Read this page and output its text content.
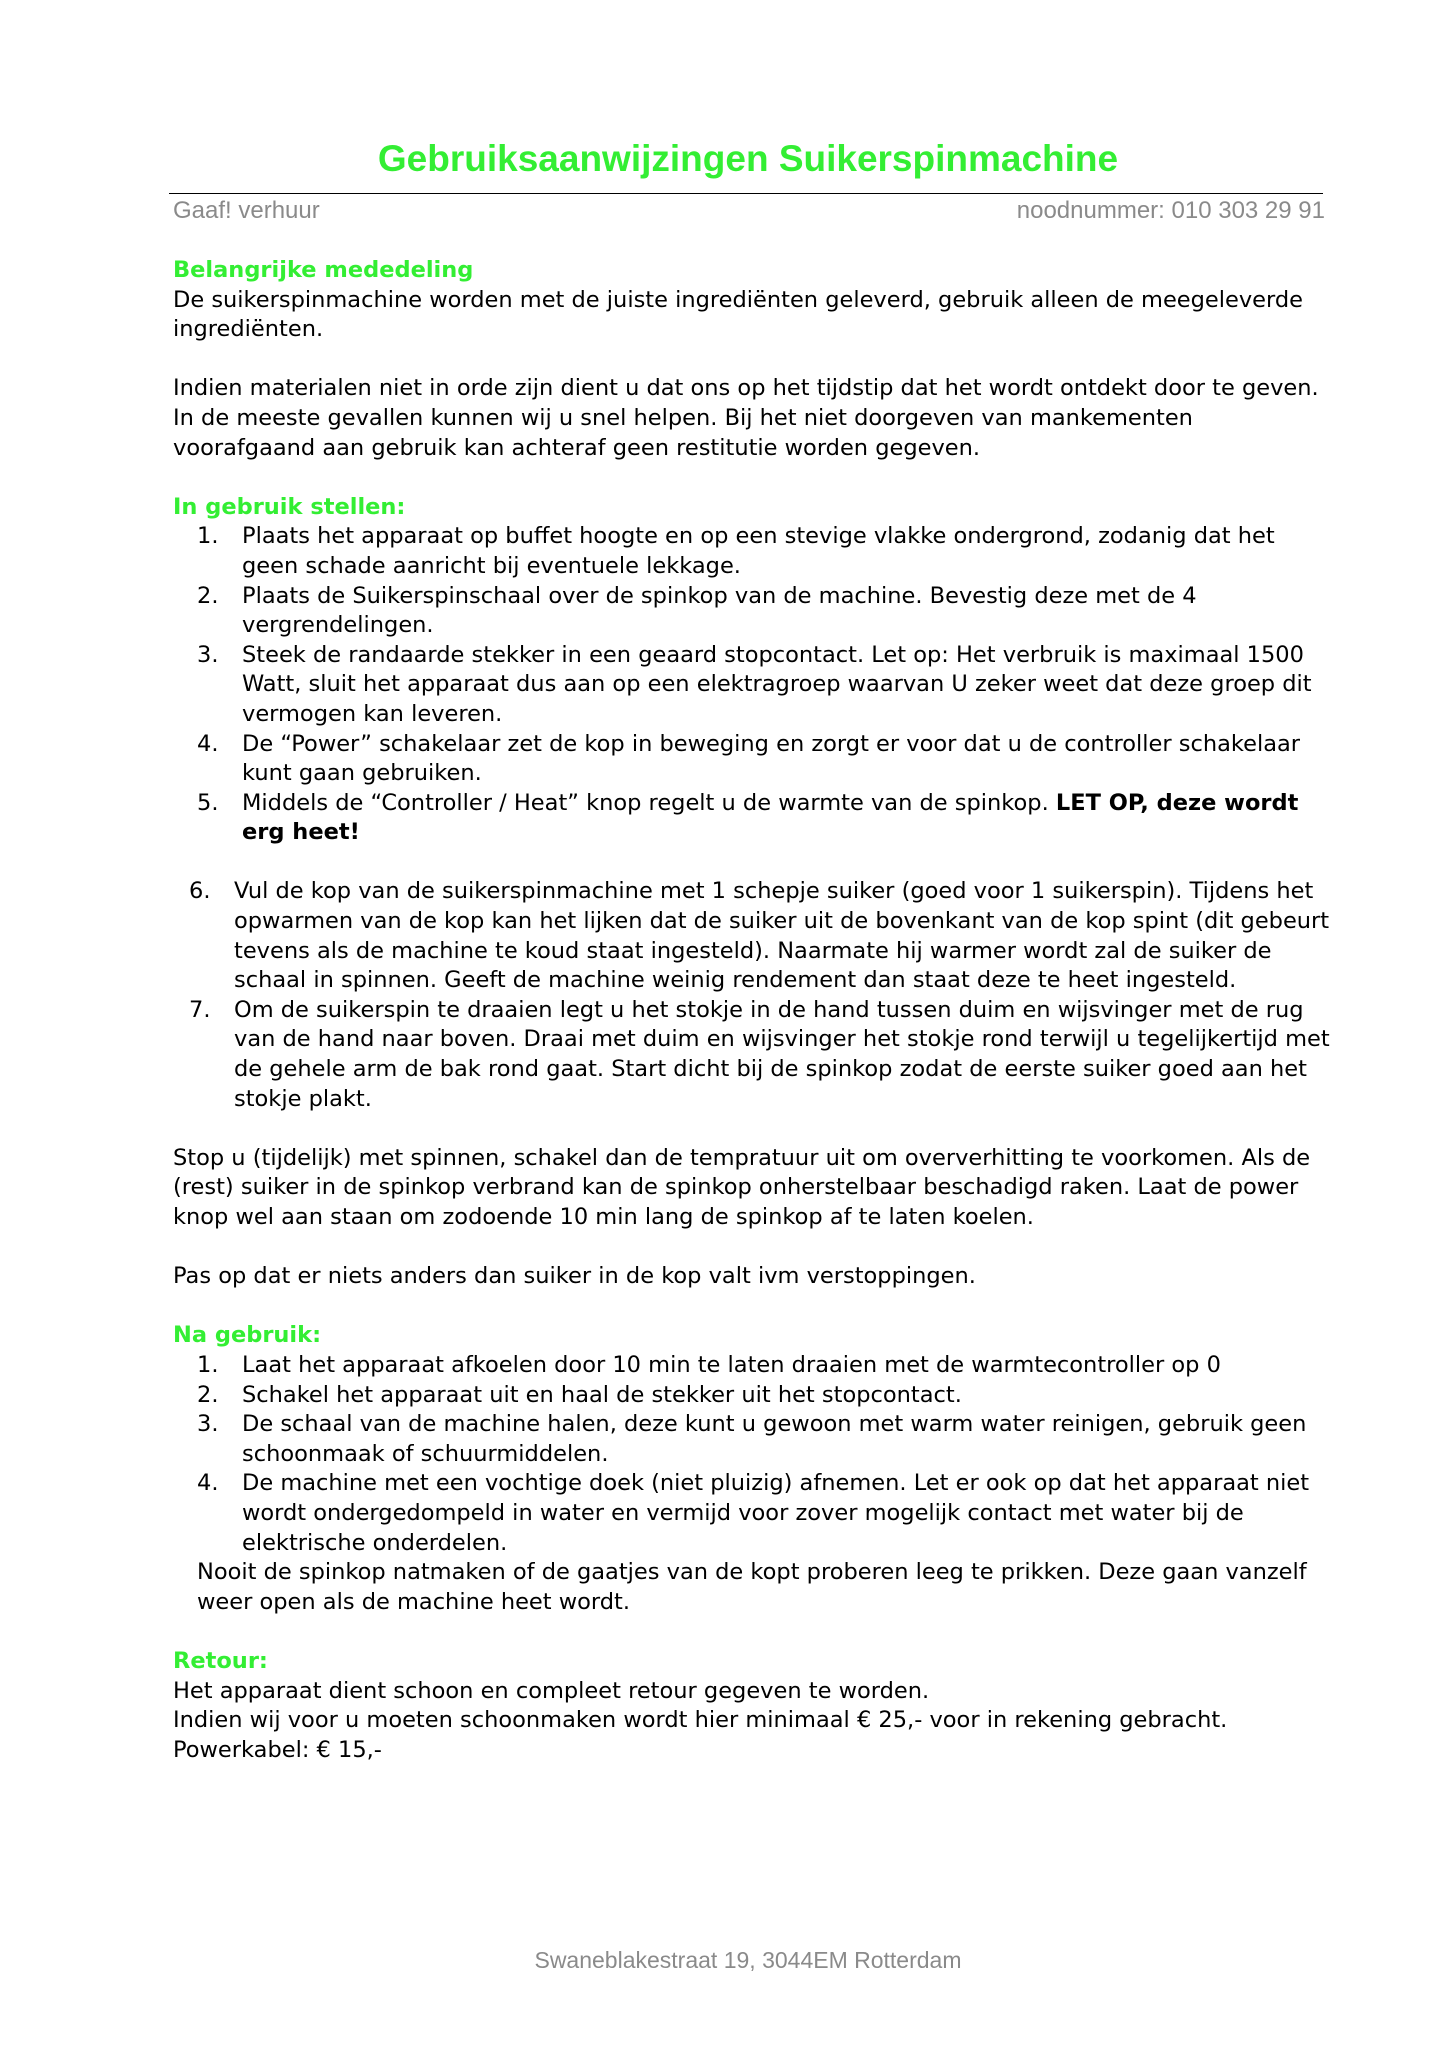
Gebruiksaanwijzingen Suikerspinmachine
Gaaf! verhuur	noodnummer: 010 303 29 91

Belangrijke mededeling

De suikerspinmachine worden met de juiste ingrediënten geleverd, gebruik alleen de meegeleverde ingrediënten.

Indien materialen niet in orde zijn dient u dat ons op het tijdstip dat het wordt ontdekt door te geven. In de meeste gevallen kunnen wij u snel helpen. Bij het niet doorgeven van mankementen voorafgaand aan gebruik kan achteraf geen restitutie worden gegeven.

In gebruik stellen:

1. Plaats het apparaat op buffet hoogte en op een stevige vlakke ondergrond, zodanig dat het geen schade aanricht bij eventuele lekkage.
2. Plaats de Suikerspinschaal over de spinkop van de machine. Bevestig deze met de 4 vergrendelingen.
3. Steek de randaarde stekker in een geaard stopcontact. Let op: Het verbruik is maximaal 1500 Watt, sluit het apparaat dus aan op een elektragroep waarvan U zeker weet dat deze groep dit vermogen kan leveren.
4. De “Power” schakelaar zet de kop in beweging en zorgt er voor dat u de controller schakelaar kunt gaan gebruiken.
5. Middels de “Controller / Heat” knop regelt u de warmte van de spinkop. LET OP, deze wordt erg heet!
6. Vul de kop van de suikerspinmachine met 1 schepje suiker (goed voor 1 suikerspin). Tijdens het opwarmen van de kop kan het lijken dat de suiker uit de bovenkant van de kop spint (dit gebeurt tevens als de machine te koud staat ingesteld). Naarmate hij warmer wordt zal de suiker de schaal in spinnen. Geeft de machine weinig rendement dan staat deze te heet ingesteld.
7. Om de suikerspin te draaien legt u het stokje in de hand tussen duim en wijsvinger met de rug van de hand naar boven. Draai met duim en wijsvinger het stokje rond terwijl u tegelijkertijd met de gehele arm de bak rond gaat. Start dicht bij de spinkop zodat de eerste suiker goed aan het stokje plakt.

Stop u (tijdelijk) met spinnen, schakel dan de tempratuur uit om oververhitting te voorkomen. Als de (rest) suiker in de spinkop verbrand kan de spinkop onherstelbaar beschadigd raken. Laat de power knop wel aan staan om zodoende 10 min lang de spinkop af te laten koelen.

Pas op dat er niets anders dan suiker in de kop valt ivm verstoppingen.

Na gebruik:

1. Laat het apparaat afkoelen door 10 min te laten draaien met de warmtecontroller op 0
2. Schakel het apparaat uit en haal de stekker uit het stopcontact.
3. De schaal van de machine halen, deze kunt u gewoon met warm water reinigen, gebruik geen schoonmaak of schuurmiddelen.
4. De machine met een vochtige doek (niet pluizig) afnemen. Let er ook op dat het apparaat niet wordt ondergedompeld in water en vermijd voor zover mogelijk contact met water bij de elektrische onderdelen.

Nooit de spinkop natmaken of de gaatjes van de kopt proberen leeg te prikken. Deze gaan vanzelf weer open als de machine heet wordt.

Retour:

Het apparaat dient schoon en compleet retour gegeven te worden.

Indien wij voor u moeten schoonmaken wordt hier minimaal € 25,- voor in rekening gebracht.

Powerkabel: € 15,-

Swaneblakestraat 19, 3044EM Rotterdam
